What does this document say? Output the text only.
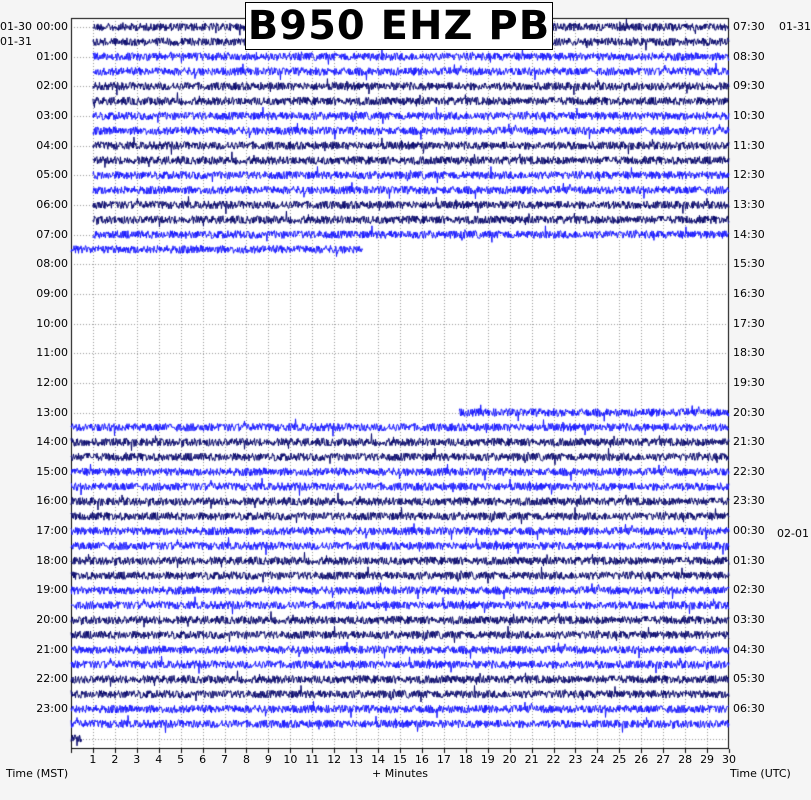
B950 EHZ PB
00:00
01:00
02:00
03:00
04:00
05:00
06:00
07:00
08:00
09:00
10:00
11:00
12:00
13:00
14:00
15:00
16:00
17:00
18:00
19:00
20:00
21:00
22:00
23:00
07:30
08:30
09:30
10:30
11:30
12:30
13:30
14:30
15:30
16:30
17:30
18:30
19:30
20:30
21:30
22:30
23:30
00:30
01:30
02:30
03:30
04:30
05:30
06:30
1 2 3 4 5 6 7 8 9 10 11 12 13 14 15 16 17 18 19 20 21 22 23 24 25 26 27 28 29 30
01-30
01-31
01-31
02-01
Time (MST)	+ Minutes	Time (UTC)
